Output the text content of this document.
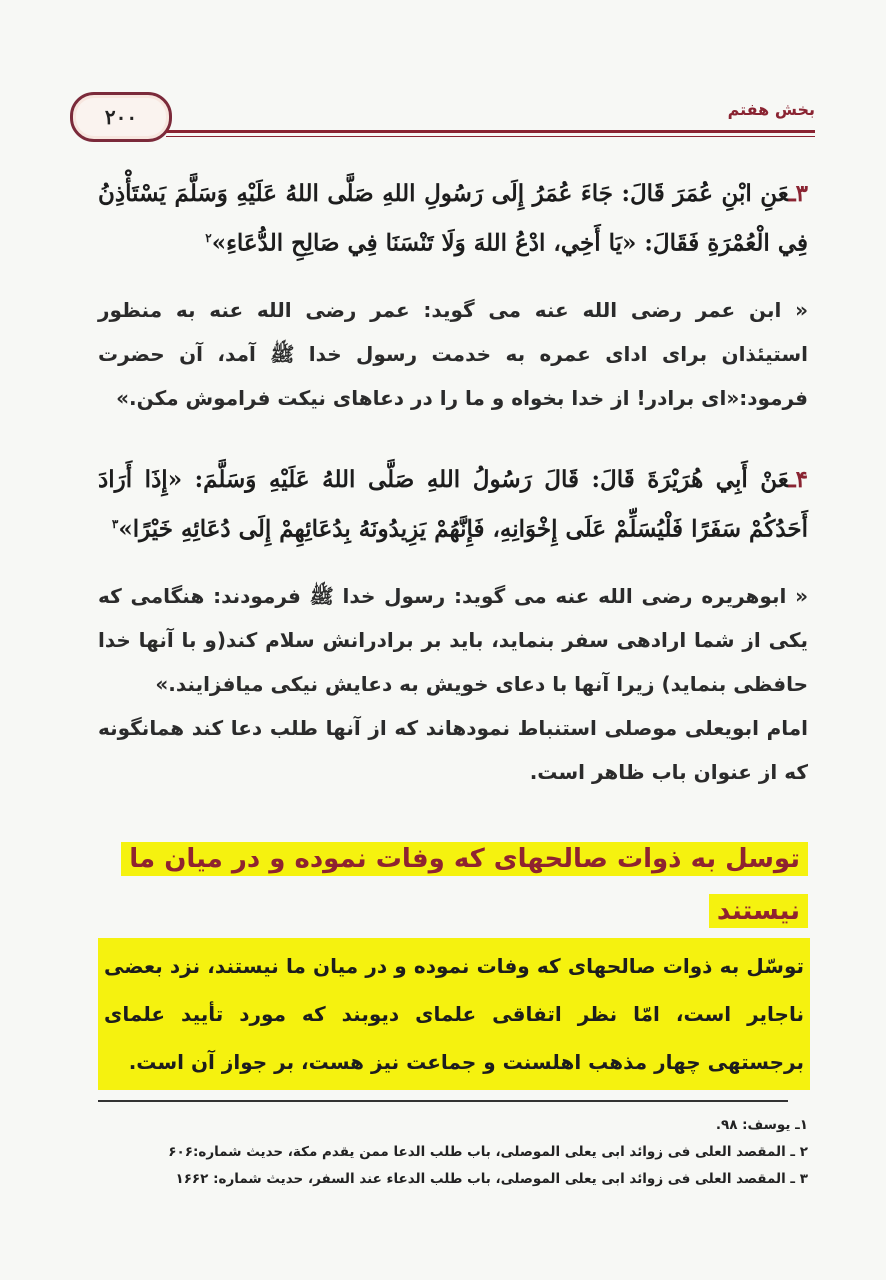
۲۰۰	بخش هفتم
۳ـعَنِ ابْنِ عُمَرَ قَالَ: جَاءَ عُمَرُ إِلَى رَسُولِ اللهِ صَلَّى اللهُ عَلَيْهِ وَسَلَّمَ يَسْتَأْذِنُ فِي الْعُمْرَةِ فَقَالَ: «يَا أَخِي، ادْعُ اللهَ وَلَا تَنْسَنَا فِي صَالِحِ الدُّعَاءِ»$^۲$
« ابن عمر رضی الله عنه می گوید: عمر رضی الله عنه به منظور استیئذان برای ادای عمره به خدمت رسول خدا ﷺ آمد، آن حضرت فرمود:«ای برادر! از خدا بخواه و ما را در دعاهای نیکت فراموش مکن.»
۴ـعَنْ أَبِي هُرَيْرَةَ قَالَ: قَالَ رَسُولُ اللهِ صَلَّى اللهُ عَلَيْهِ وَسَلَّمَ: «إِذَا أَرَادَ أَحَدُكُمْ سَفَرًا فَلْيُسَلِّمْ عَلَى إِخْوَانِهِ، فَإِنَّهُمْ يَزِيدُونَهُ بِدُعَائِهِمْ إِلَى دُعَائِهِ خَيْرًا»$^۳$
« ابوهریره رضی الله عنه می گوید: رسول خدا ﷺ فرمودند: هنگامی که یکی از شما ارادهی سفر بنماید، باید بر برادرانش سلام کند(و با آنها خدا حافظی بنماید) زیرا آنها با دعای خویش به دعایش نیکی میافزایند.»
امام ابویعلی موصلی استنباط نمودهاند که از آنها طلب دعا کند همانگونه که از عنوان باب ظاهر است.
توسل به ذوات صالحهای که وفات نموده و در میان ما
نیستند
توسّل به ذوات صالحهای که وفات نموده و در میان ما نیستند، نزد بعضی ناجایر است، امّا نظر اتفاقی علمای دیوبند که مورد تأیید علمای برجستهی چهار مذهب اهلسنت و جماعت نیز هست، بر جواز آن است.
۱ـ یوسف: ۹۸.
۲ ـ المقصد العلی فی زوائد ابی یعلی الموصلی، باب طلب الدعا ممن یقدم مکة، حدیث شماره:۶۰۶
۳ ـ المقصد العلی فی زوائد ابی یعلی الموصلی، باب طلب الدعاء عند السفر، حدیث شماره: ۱۶۶۲
